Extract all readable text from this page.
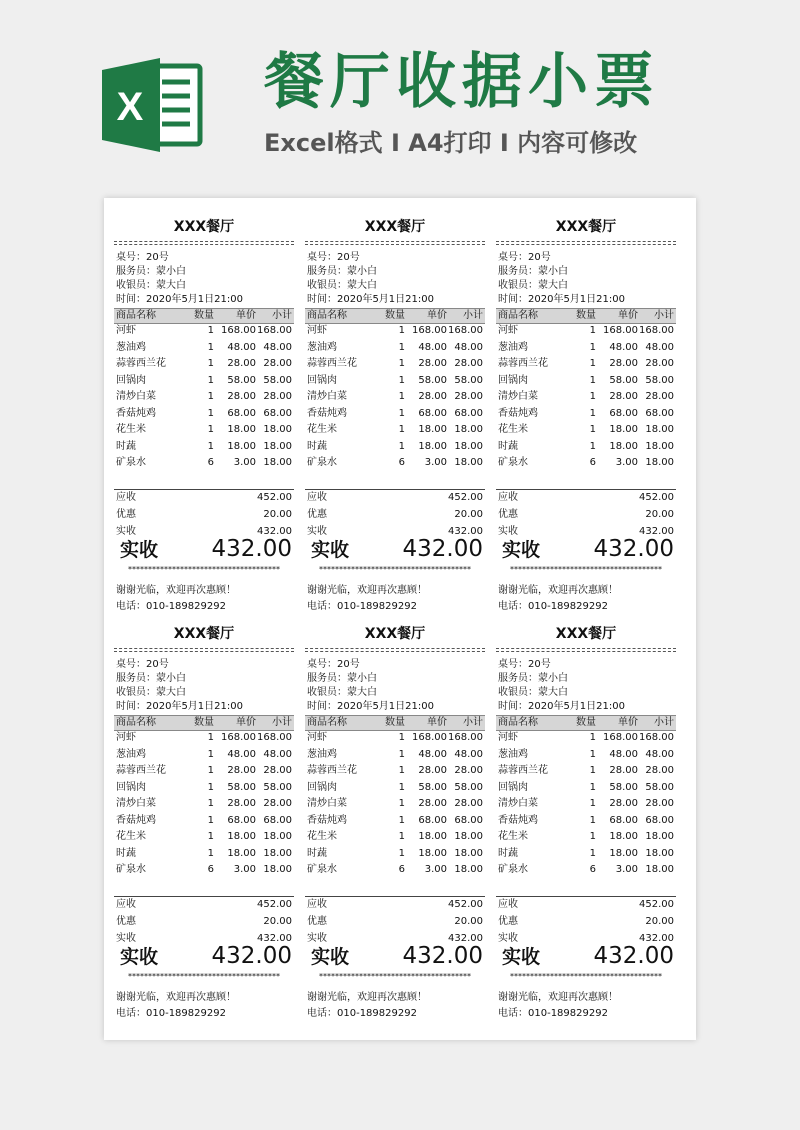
X 餐厅收据小票
Excel格式 I A4打印 I 内容可修改
XXX餐厅
桌号：20号
服务员：蒙小白
收银员：蒙大白
时间：2020年5月1日21:00
商品名称	数量	单价	小计
河虾	1 168.00 168.00
葱油鸡	1	48.00 48.00
蒜蓉西兰花	1	28.00 28.00
回锅肉	1	58.00 58.00
清炒白菜	1	28.00 28.00
香菇炖鸡	1	68.00 68.00
花生米	1	18.00 18.00
时蔬	1	18.00 18.00
矿泉水	6	3.00 18.00
应收	452.00
优惠	20.00
实收	432.00
实收 432.00
**************************************
谢谢光临，欢迎再次惠顾！
电话：010-189829292
XXX餐厅
桌号：20号
服务员：蒙小白
收银员：蒙大白
时间：2020年5月1日21:00
商品名称	数量	单价	小计
河虾	1 168.00 168.00
葱油鸡	1	48.00 48.00
蒜蓉西兰花	1	28.00 28.00
回锅肉	1	58.00 58.00
清炒白菜	1	28.00 28.00
香菇炖鸡	1	68.00 68.00
花生米	1	18.00 18.00
时蔬	1	18.00 18.00
矿泉水	6	3.00 18.00
应收	452.00
优惠	20.00
实收	432.00
实收 432.00
**************************************
谢谢光临，欢迎再次惠顾！
电话：010-189829292
XXX餐厅
桌号：20号
服务员：蒙小白
收银员：蒙大白
时间：2020年5月1日21:00
商品名称	数量	单价	小计
河虾	1 168.00 168.00
葱油鸡	1	48.00 48.00
蒜蓉西兰花	1	28.00 28.00
回锅肉	1	58.00 58.00
清炒白菜	1	28.00 28.00
香菇炖鸡	1	68.00 68.00
花生米	1	18.00 18.00
时蔬	1	18.00 18.00
矿泉水	6	3.00 18.00
应收	452.00
优惠	20.00
实收	432.00
实收 432.00
**************************************
谢谢光临，欢迎再次惠顾！
电话：010-189829292
XXX餐厅
桌号：20号
服务员：蒙小白
收银员：蒙大白
时间：2020年5月1日21:00
商品名称	数量	单价	小计
河虾	1 168.00 168.00
葱油鸡	1	48.00 48.00
蒜蓉西兰花	1	28.00 28.00
回锅肉	1	58.00 58.00
清炒白菜	1	28.00 28.00
香菇炖鸡	1	68.00 68.00
花生米	1	18.00 18.00
时蔬	1	18.00 18.00
矿泉水	6	3.00 18.00
应收	452.00
优惠	20.00
实收	432.00
实收 432.00
**************************************
谢谢光临，欢迎再次惠顾！
电话：010-189829292
XXX餐厅
桌号：20号
服务员：蒙小白
收银员：蒙大白
时间：2020年5月1日21:00
商品名称	数量	单价	小计
河虾	1 168.00 168.00
葱油鸡	1	48.00 48.00
蒜蓉西兰花	1	28.00 28.00
回锅肉	1	58.00 58.00
清炒白菜	1	28.00 28.00
香菇炖鸡	1	68.00 68.00
花生米	1	18.00 18.00
时蔬	1	18.00 18.00
矿泉水	6	3.00 18.00
应收	452.00
优惠	20.00
实收	432.00
实收 432.00
**************************************
谢谢光临，欢迎再次惠顾！
电话：010-189829292
XXX餐厅
桌号：20号
服务员：蒙小白
收银员：蒙大白
时间：2020年5月1日21:00
商品名称	数量	单价	小计
河虾	1 168.00 168.00
葱油鸡	1	48.00 48.00
蒜蓉西兰花	1	28.00 28.00
回锅肉	1	58.00 58.00
清炒白菜	1	28.00 28.00
香菇炖鸡	1	68.00 68.00
花生米	1	18.00 18.00
时蔬	1	18.00 18.00
矿泉水	6	3.00 18.00
应收	452.00
优惠	20.00
实收	432.00
实收 432.00
**************************************
谢谢光临，欢迎再次惠顾！
电话：010-189829292
